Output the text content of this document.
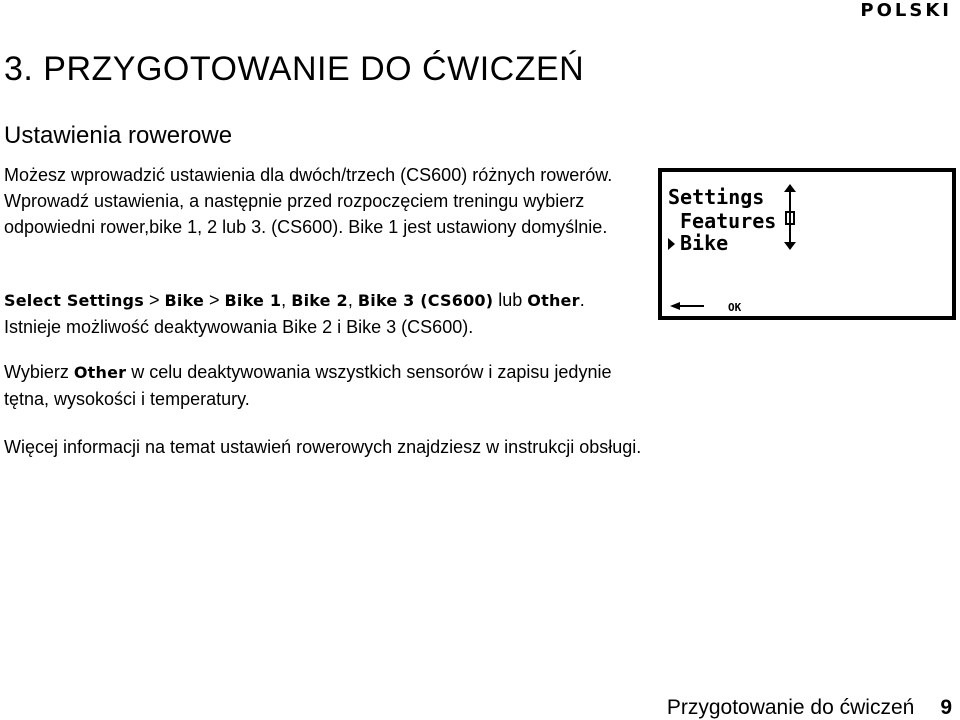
POLSKI
3. PRZYGOTOWANIE DO ĆWICZEŃ
Ustawienia rowerowe

Możesz wprowadzić ustawienia dla dwóch/trzech (CS600) różnych rowerów. Wprowadź ustawienia, a następnie przed rozpoczęciem treningu wybierz odpowiedni rower,bike 1, 2 lub 3. (CS600). Bike 1 jest ustawiony domyślnie.

Select Settings > Bike > Bike 1, Bike 2, Bike 3 (CS600) lub Other.
Istnieje możliwość deaktywowania Bike 2 i Bike 3 (CS600).

Wybierz Other w celu deaktywowania wszystkich sensorów i zapisu jedynie tętna, wysokości i temperatury.

Więcej informacji na temat ustawień rowerowych znajdziesz w instrukcji obsługi.

Settings
Features
Bike
OK
Przygotowanie do ćwiczeń 9
